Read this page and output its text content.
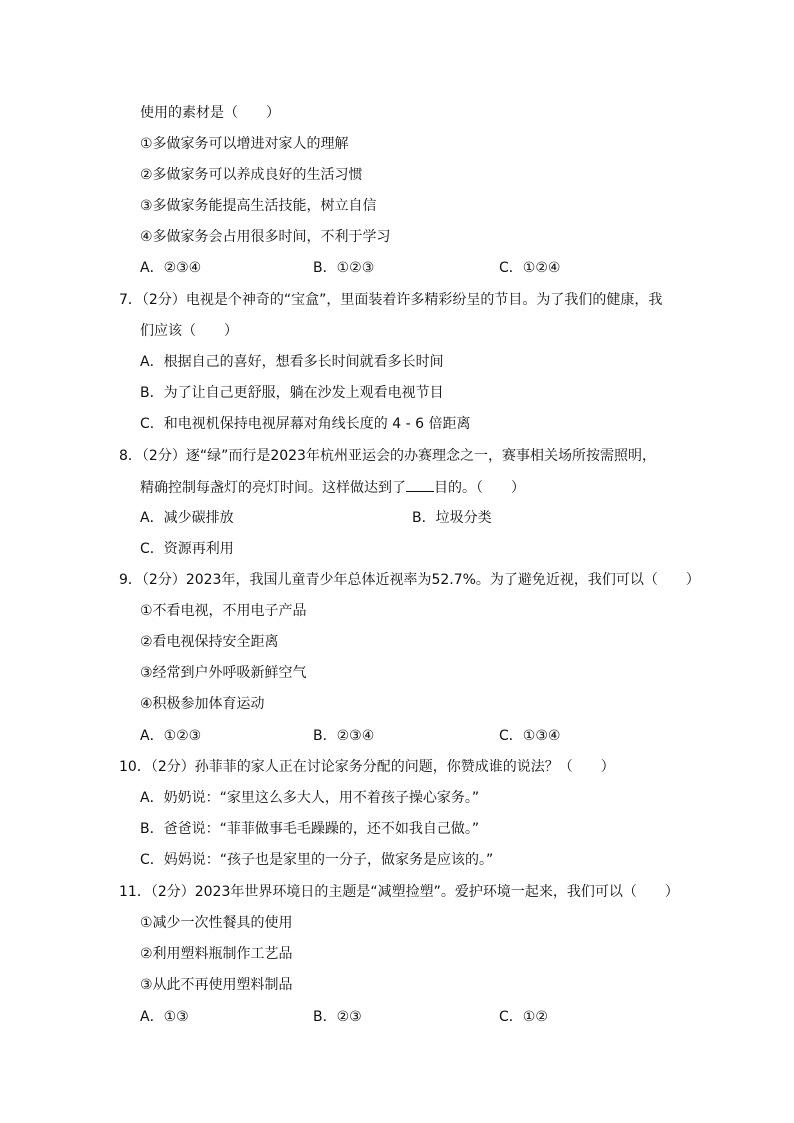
使用的素材是（　　）
①多做家务可以增进对家人的理解
②多做家务可以养成良好的生活习惯
③多做家务能提高生活技能，树立自信
④多做家务会占用很多时间，不利于学习
A．②③④	B．①②③	C．①②④
7．（2分）电视是个神奇的“宝盒”，里面装着许多精彩纷呈的节目。为了我们的健康，我
们应该（　　）
A．根据自己的喜好，想看多长时间就看多长时间
B．为了让自己更舒服，躺在沙发上观看电视节目
C．和电视机保持电视屏幕对角线长度的 4 - 6 倍距离
8．（2分）逐“绿”而行是2023年杭州亚运会的办赛理念之一，赛事相关场所按需照明，
精确控制每盏灯的亮灯时间。这样做达到了 目的。（　　）
A．减少碳排放	B．垃圾分类
C．资源再利用
9．（2分）2023年，我国儿童青少年总体近视率为52.7%。为了避免近视，我们可以（　　）
①不看电视，不用电子产品
②看电视保持安全距离
③经常到户外呼吸新鲜空气
④积极参加体育运动
A．①②③	B．②③④	C．①③④
10．（2分）孙菲菲的家人正在讨论家务分配的问题，你赞成谁的说法？（　　）
A．奶奶说：“家里这么多大人，用不着孩子操心家务。”
B．爸爸说：“菲菲做事毛毛躁躁的，还不如我自己做。”
C．妈妈说：“孩子也是家里的一分子，做家务是应该的。”
11．（2分）2023年世界环境日的主题是“减塑捡塑”。爱护环境一起来，我们可以（　　）
①减少一次性餐具的使用
②利用塑料瓶制作工艺品
③从此不再使用塑料制品
A．①③	B．②③	C．①②
